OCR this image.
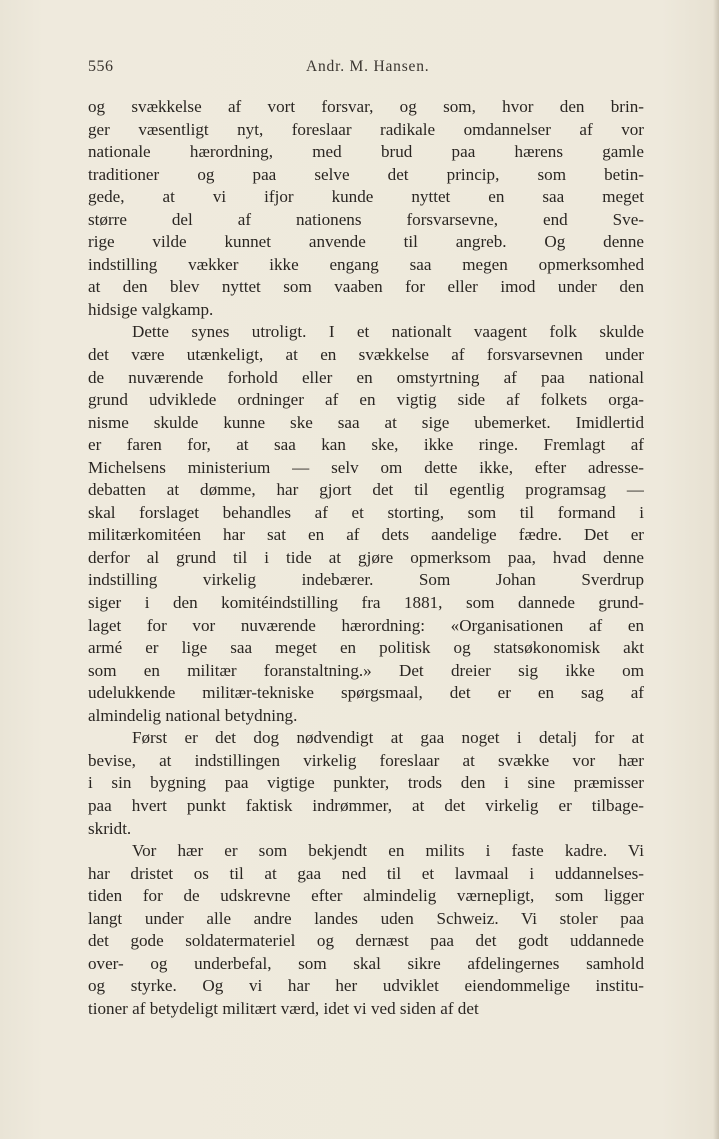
556	Andr. M. Hansen.
og svækkelse af vort forsvar, og som, hvor den brin-
ger væsentligt nyt, foreslaar radikale omdannelser af vor
nationale hærordning, med brud paa hærens gamle
traditioner og paa selve det princip, som betin-
gede, at vi ifjor kunde nyttet en saa meget
større del af nationens forsvarsevne, end Sve-
rige vilde kunnet anvende til angreb. Og denne
indstilling vækker ikke engang saa megen opmerksomhed
at den blev nyttet som vaaben for eller imod under den
hidsige valgkamp.
Dette synes utroligt. I et nationalt vaagent folk skulde
det være utænkeligt, at en svækkelse af forsvarsevnen under
de nuværende forhold eller en omstyrtning af paa national
grund udviklede ordninger af en vigtig side af folkets orga-
nisme skulde kunne ske saa at sige ubemerket. Imidlertid
er faren for, at saa kan ske, ikke ringe. Fremlagt af
Michelsens ministerium — selv om dette ikke, efter adresse-
debatten at dømme, har gjort det til egentlig programsag —
skal forslaget behandles af et storting, som til formand i
militærkomitéen har sat en af dets aandelige fædre. Det er
derfor al grund til i tide at gjøre opmerksom paa, hvad denne
indstilling virkelig indebærer. Som Johan Sverdrup
siger i den komitéindstilling fra 1881, som dannede grund-
laget for vor nuværende hærordning: «Organisationen af en
armé er lige saa meget en politisk og statsøkonomisk akt
som en militær foranstaltning.» Det dreier sig ikke om
udelukkende militær-tekniske spørgsmaal, det er en sag af
almindelig national betydning.
Først er det dog nødvendigt at gaa noget i detalj for at
bevise, at indstillingen virkelig foreslaar at svække vor hær
i sin bygning paa vigtige punkter, trods den i sine præmisser
paa hvert punkt faktisk indrømmer, at det virkelig er tilbage-
skridt.
Vor hær er som bekjendt en milits i faste kadre. Vi
har dristet os til at gaa ned til et lavmaal i uddannelses-
tiden for de udskrevne efter almindelig værnepligt, som ligger
langt under alle andre landes uden Schweiz. Vi stoler paa
det gode soldatermateriel og dernæst paa det godt uddannede
over- og underbefal, som skal sikre afdelingernes samhold
og styrke. Og vi har her udviklet eiendommelige institu-
tioner af betydeligt militært værd, idet vi ved siden af det
